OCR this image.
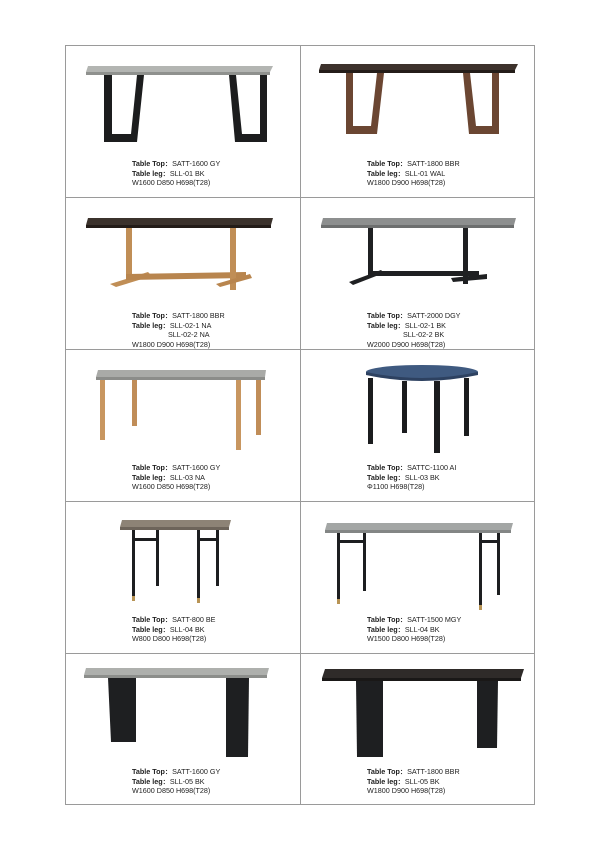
Table Top：SATT-1600 GY
Table leg：SLL-01 BK
W1600 D850 H698(T28)
Table Top：SATT-1800 BBR
Table leg：SLL-01 WAL
W1800 D900 H698(T28)
Table Top：SATT-1800 BBR
Table leg：SLL-02-1 NA
SLL-02-2 NA
W1800 D900 H698(T28)
Table Top：SATT-2000 DGY
Table leg：SLL-02-1 BK
SLL-02-2 BK
W2000 D900 H698(T28)
Table Top：SATT-1600 GY
Table leg：SLL-03 NA
W1600 D850 H698(T28)
Table Top：SATTC-1100 AI
Table leg：SLL-03 BK
Φ1100 H698(T28)
Table Top：SATT-800 BE
Table leg：SLL-04 BK
W800 D800 H698(T28)
Table Top：SATT-1500 MGY
Table leg：SLL-04 BK
W1500 D800 H698(T28)
Table Top：SATT-1600 GY
Table leg：SLL-05 BK
W1600 D850 H698(T28)
Table Top：SATT-1800 BBR
Table leg：SLL-05 BK
W1800 D900 H698(T28)
